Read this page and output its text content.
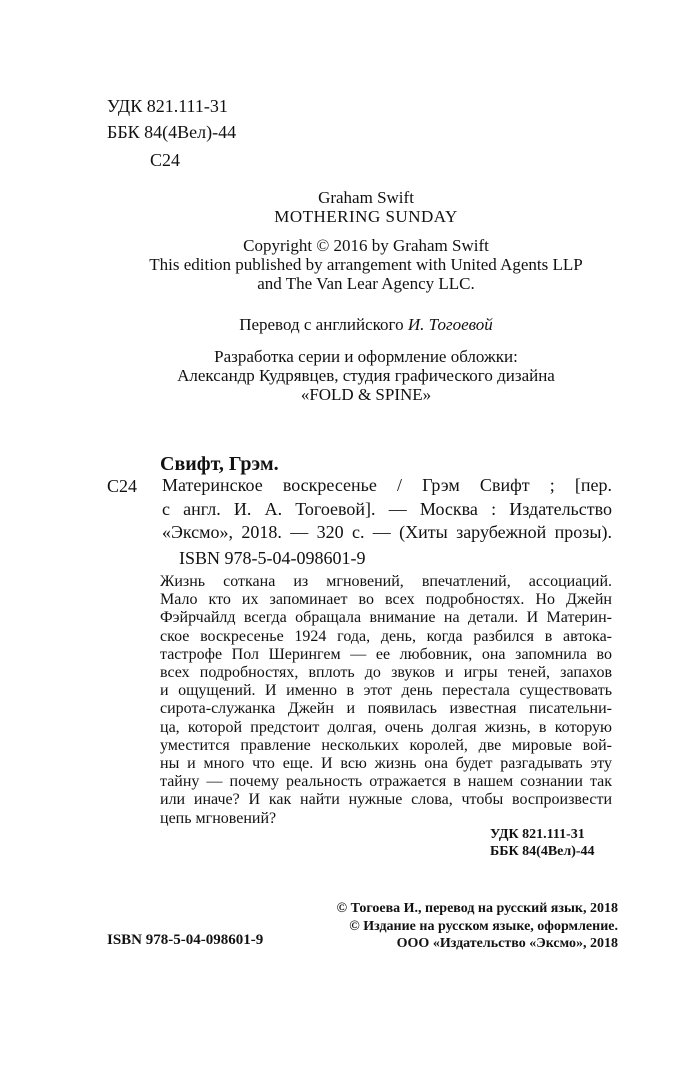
УДК 821.111-31
ББК 84(4Вел)-44
С24
Graham Swift
MOTHERING SUNDAY
Copyright © 2016 by Graham Swift
This edition published by arrangement with United Agents LLP
and The Van Lear Agency LLC.
Перевод с английского И. Тогоевой
Разработка серии и оформление обложки:
Александр Кудрявцев, студия графического дизайна
«FOLD & SPINE»
Свифт, Грэм.
С24 Материнское воскресенье / Грэм Свифт ; [пер.
с англ. И. А. Тогоевой]. — Москва : Издательство
«Эксмо», 2018. — 320 с. — (Хиты зарубежной прозы).
ISBN 978-5-04-098601-9
Жизнь соткана из мгновений, впечатлений, ассоциаций.
Мало кто их запоминает во всех подробностях. Но Джейн
Фэйрчайлд всегда обращала внимание на детали. И Материн-
ское воскресенье 1924 года, день, когда разбился в автока-
тастрофе Пол Шерингем — ее любовник, она запомнила во
всех подробностях, вплоть до звуков и игры теней, запахов
и ощущений. И именно в этот день перестала существовать
сирота-служанка Джейн и появилась известная писательни-
ца, которой предстоит долгая, очень долгая жизнь, в которую
уместится правление нескольких королей, две мировые вой-
ны и много что еще. И всю жизнь она будет разгадывать эту
тайну — почему реальность отражается в нашем сознании так
или иначе? И как найти нужные слова, чтобы воспроизвести
цепь мгновений?
УДК 821.111-31
ББК 84(4Вел)-44
ISBN 978-5-04-098601-9
© Тогоева И., перевод на русский язык, 2018
© Издание на русском языке, оформление.
ООО «Издательство «Эксмо», 2018
